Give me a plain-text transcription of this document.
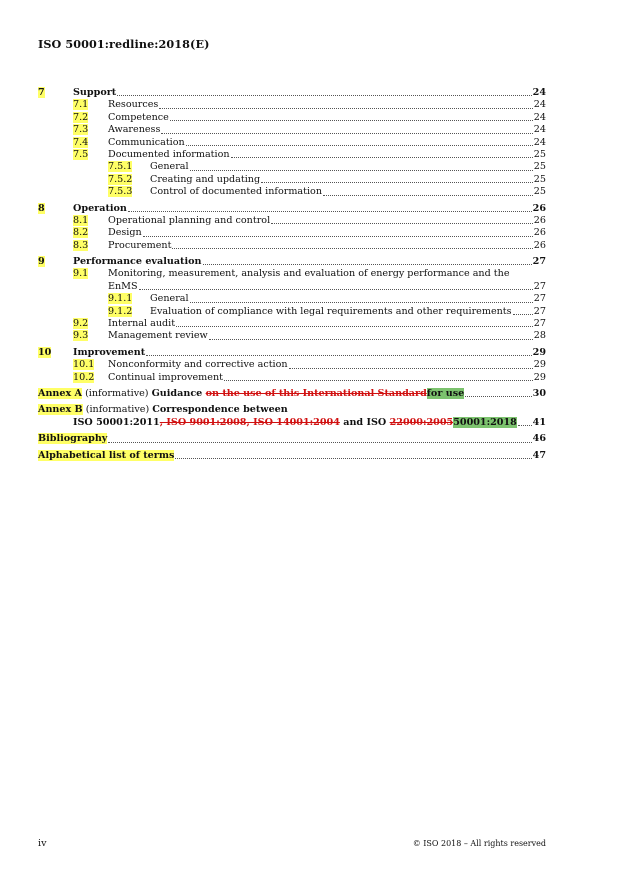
ISO 50001:redline:2018(E)
7	Support	24
7.1	Resources	24
7.2	Competence	24
7.3	Awareness	24
7.4	Communication	24
7.5	Documented information	25
7.5.1	General	25
7.5.2	Creating and updating	25
7.5.3	Control of documented information	25
8	Operation	26
8.1	Operational planning and control	26
8.2	Design	26
8.3	Procurement	26
9	Performance evaluation	27
9.1	Monitoring, measurement, analysis and evaluation of energy performance and the
EnMS	27
9.1.1	General	27
9.1.2	Evaluation of compliance with legal requirements and other requirements 27
9.2	Internal audit	27
9.3	Management review	28
10	Improvement	29
10.1	Nonconformity and corrective action	29
10.2	Continual improvement	29
Annex A (informative) Guidance on the use of this International Standardfor use	30
Annex B (informative) Correspondence between
ISO 50001:2011, ISO 9001:2008, ISO 14001:2004 and ISO 22000:200550001:2018 41
Bibliography	46
Alphabetical list of terms	47
iv	© ISO 2018 – All rights reserved
